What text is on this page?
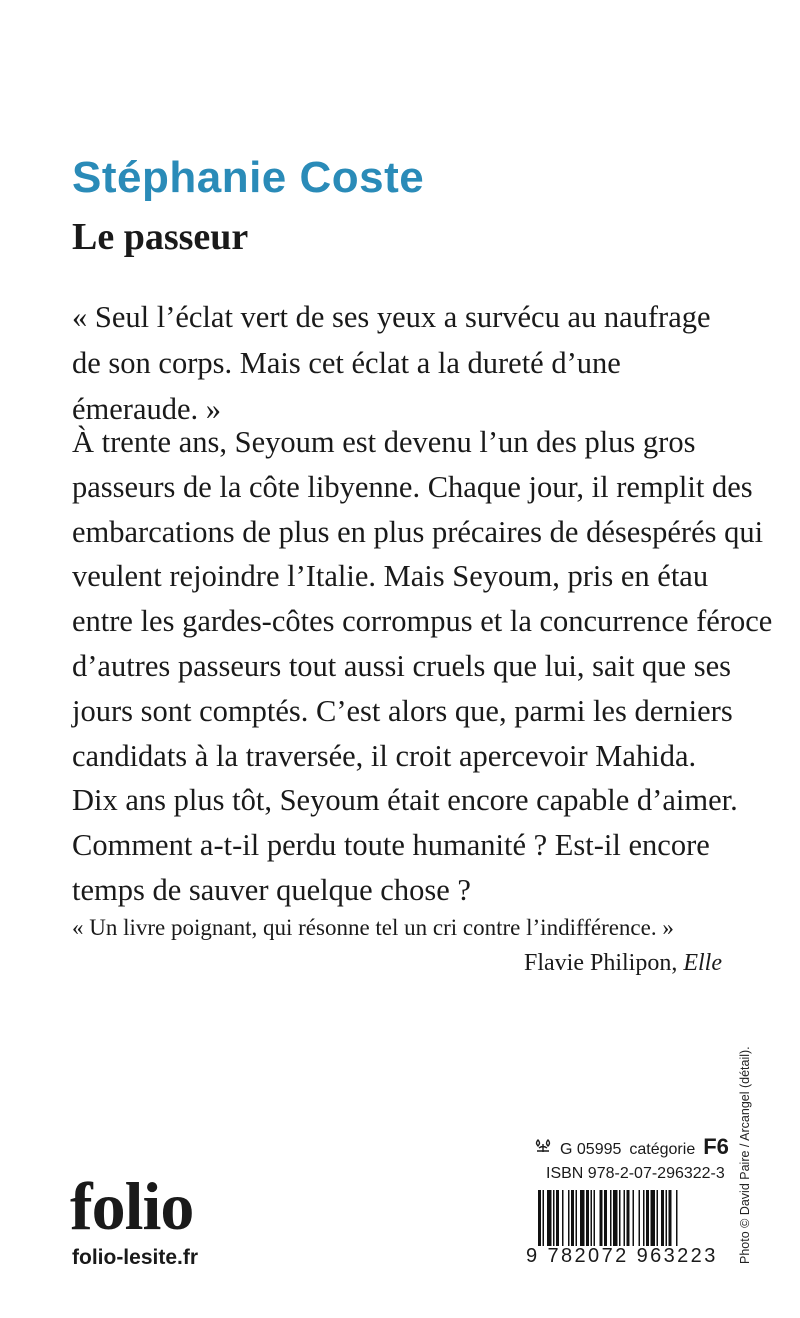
Stéphanie Coste
Le passeur

« Seul l’éclat vert de ses yeux a survécu au naufrage de son corps. Mais cet éclat a la dureté d’une émeraude. »

À trente ans, Seyoum est devenu l’un des plus gros
passeurs de la côte libyenne. Chaque jour, il remplit des
embarcations de plus en plus précaires de désespérés qui
veulent rejoindre l’Italie. Mais Seyoum, pris en étau
entre les gardes-côtes corrompus et la concurrence féroce
d’autres passeurs tout aussi cruels que lui, sait que ses
jours sont comptés. C’est alors que, parmi les derniers
candidats à la traversée, il croit apercevoir Mahida.
Dix ans plus tôt, Seyoum était encore capable d’aimer.
Comment a-t-il perdu toute humanité ? Est-il encore
temps de sauver quelque chose ?

« Un livre poignant, qui résonne tel un cri contre l’indifférence. »

Flavie Philipon, Elle

folio
folio-lesite.fr
G 05995 catégorie F6
ISBN 978-2-07-296322-3
9 782072 963223	Photo © David Paire / Arcangel (détail).
